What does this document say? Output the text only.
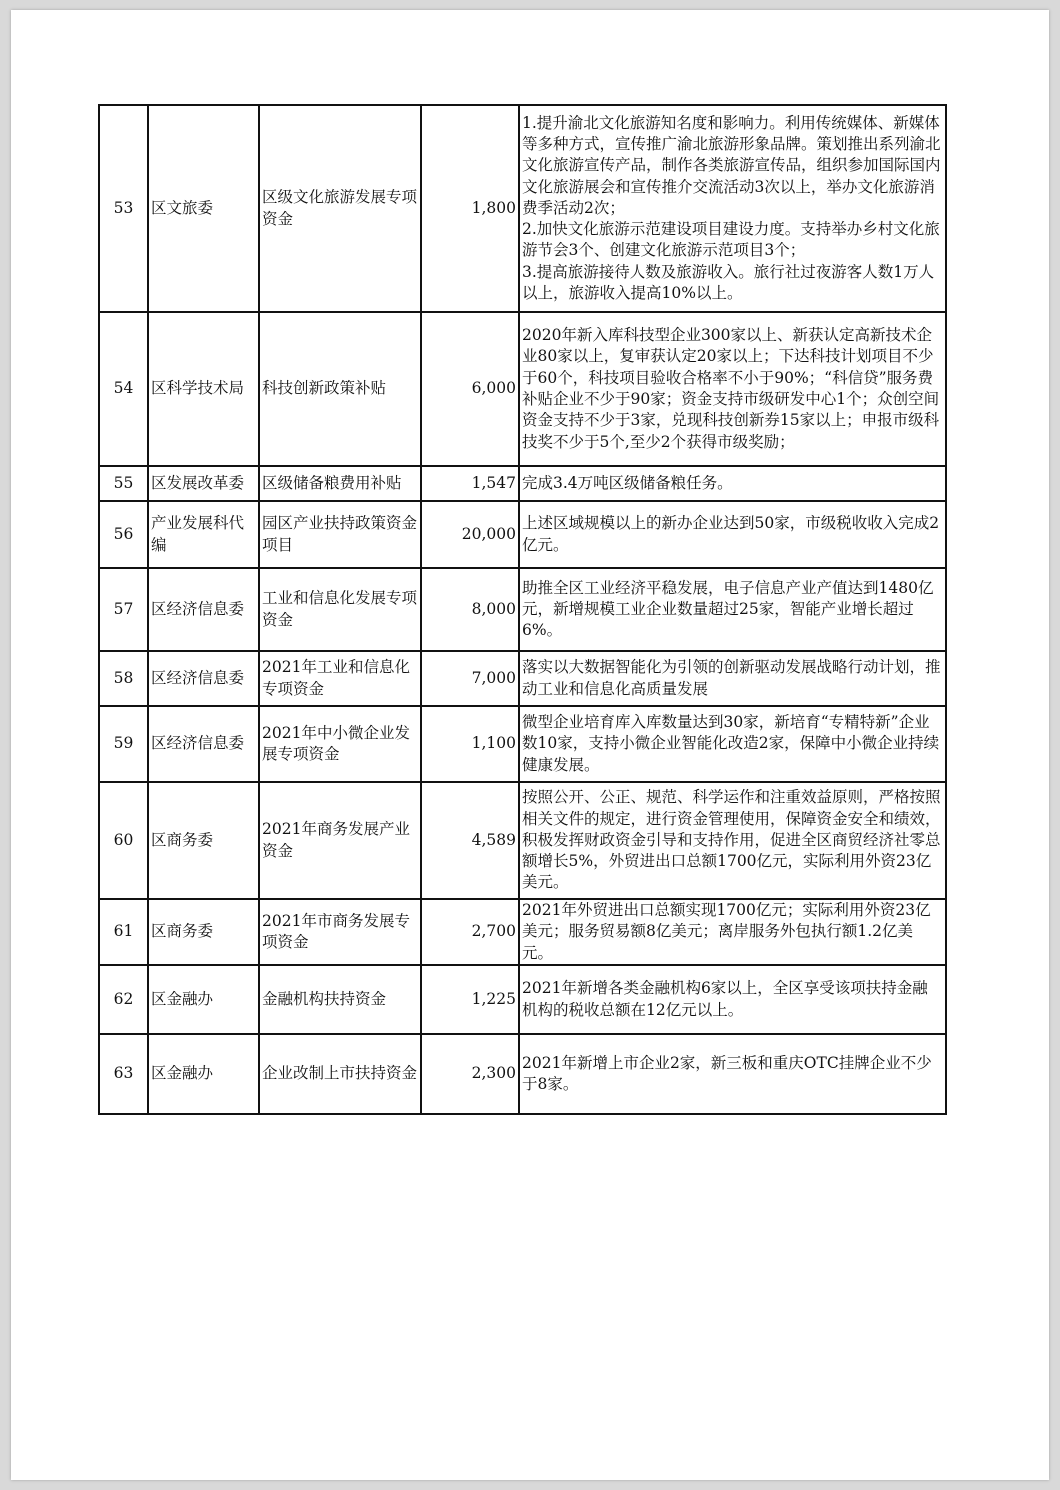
53	区文旅委	区级文化旅游发展专项资金	1,800	1.提升渝北文化旅游知名度和影响力。利用传统媒体、新媒体等多种方式，宣传推广渝北旅游形象品牌。策划推出系列渝北文化旅游宣传产品，制作各类旅游宣传品，组织参加国际国内文化旅游展会和宣传推介交流活动3次以上，举办文化旅游消费季活动2次；
2.加快文化旅游示范建设项目建设力度。支持举办乡村文化旅游节会3个、创建文化旅游示范项目3个；
3.提高旅游接待人数及旅游收入。旅行社过夜游客人数1万人以上，旅游收入提高10%以上。
54	区科学技术局	科技创新政策补贴	6,000	2020年新入库科技型企业300家以上、新获认定高新技术企业80家以上，复审获认定20家以上；下达科技计划项目不少于60个，科技项目验收合格率不小于90%；“科信贷”服务费补贴企业不少于90家；资金支持市级研发中心1个；众创空间资金支持不少于3家，兑现科技创新券15家以上；申报市级科技奖不少于5个,至少2个获得市级奖励；
55	区发展改革委	区级储备粮费用补贴	1,547	完成3.4万吨区级储备粮任务。
56	产业发展科代编	园区产业扶持政策资金项目	20,000	上述区域规模以上的新办企业达到50家，市级税收收入完成2亿元。
57	区经济信息委	工业和信息化发展专项资金	8,000	助推全区工业经济平稳发展，电子信息产业产值达到1480亿元，新增规模工业企业数量超过25家，智能产业增长超过6%。
58	区经济信息委	2021年工业和信息化专项资金	7,000	落实以大数据智能化为引领的创新驱动发展战略行动计划，推动工业和信息化高质量发展
59	区经济信息委	2021年中小微企业发展专项资金	1,100	微型企业培育库入库数量达到30家，新培育“专精特新”企业数10家，支持小微企业智能化改造2家，保障中小微企业持续健康发展。
60	区商务委	2021年商务发展产业资金	4,589	按照公开、公正、规范、科学运作和注重效益原则，严格按照相关文件的规定，进行资金管理使用，保障资金安全和绩效，积极发挥财政资金引导和支持作用，促进全区商贸经济社零总额增长5%，外贸进出口总额1700亿元，实际利用外资23亿美元。
61	区商务委	2021年市商务发展专项资金	2,700	2021年外贸进出口总额实现1700亿元；实际利用外资23亿美元；服务贸易额8亿美元；离岸服务外包执行额1.2亿美元。
62	区金融办	金融机构扶持资金	1,225	2021年新增各类金融机构6家以上，全区享受该项扶持金融机构的税收总额在12亿元以上。
63	区金融办	企业改制上市扶持资金	2,300	2021年新增上市企业2家，新三板和重庆OTC挂牌企业不少于8家。
